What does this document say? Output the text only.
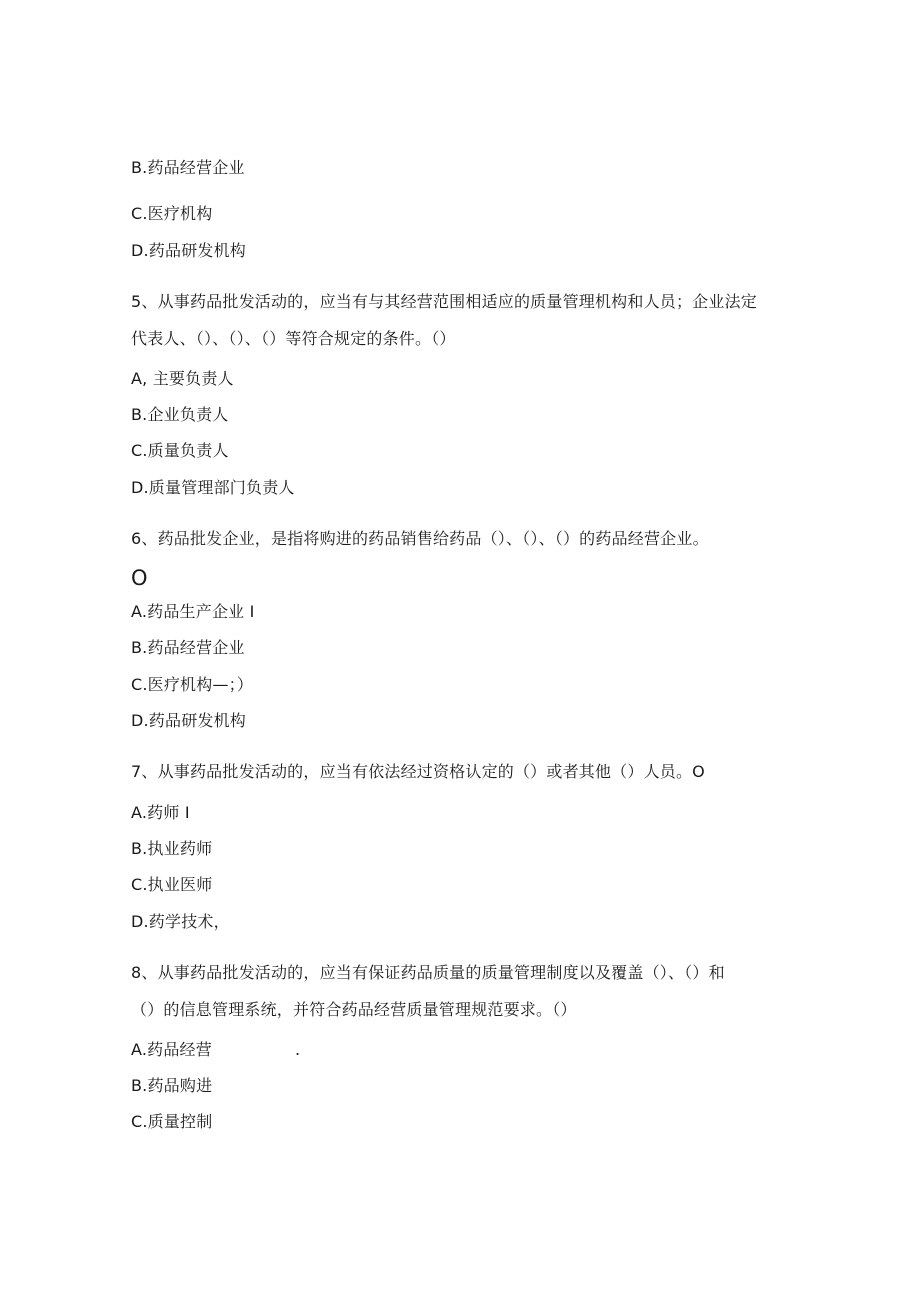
B.药品经营企业
C.医疗机构
D.药品研发机构
5、从事药品批发活动的，应当有与其经营范围相适应的质量管理机构和人员；企业法定
代表人、（）、（）、（）等符合规定的条件。（）
A, 主要负责人
B.企业负责人
C.质量负责人
D.质量管理部门负责人
6、药品批发企业，是指将购进的药品销售给药品（）、（）、（）的药品经营企业。
O
A.药品生产企业 I
B.药品经营企业
C.医疗机构—；）
D.药品研发机构
7、从事药品批发活动的，应当有依法经过资格认定的（）或者其他（）人员。O
A.药师 I
B.执业药师
C.执业医师
D.药学技术，
8、从事药品批发活动的，应当有保证药品质量的质量管理制度以及覆盖（）、（）和
（）的信息管理系统，并符合药品经营质量管理规范要求。（）
A.药品经营	.
B.药品购进
C.质量控制
